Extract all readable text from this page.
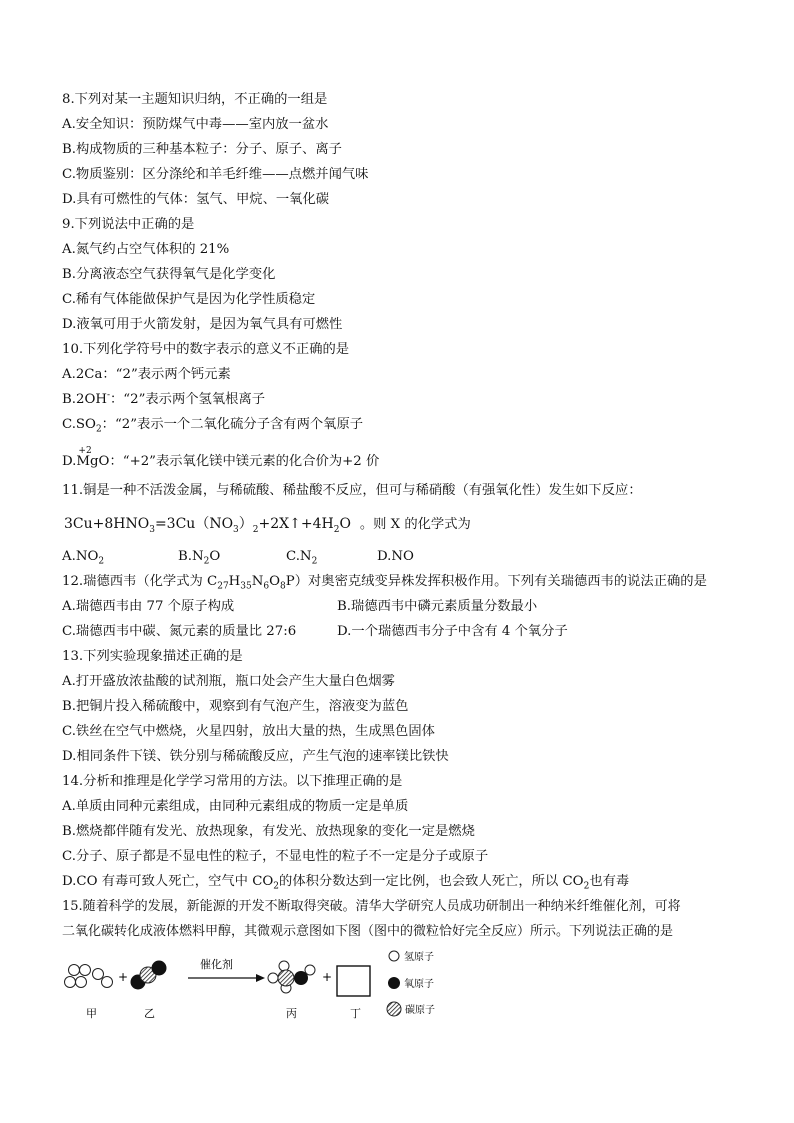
8.下列对某一主题知识归纳，不正确的一组是
A.安全知识：预防煤气中毒——室内放一盆水
B.构成物质的三种基本粒子：分子、原子、离子
C.物质鉴别：区分涤纶和羊毛纤维——点燃并闻气味
D.具有可燃性的气体：氢气、甲烷、一氧化碳
9.下列说法中正确的是
A.氮气约占空气体积的 21%
B.分离液态空气获得氧气是化学变化
C.稀有气体能做保护气是因为化学性质稳定
D.液氧可用于火箭发射，是因为氧气具有可燃性
10.下列化学符号中的数字表示的意义不正确的是
A.2Ca：“2”表示两个钙元素
B.2OH-：“2”表示两个氢氧根离子
$C.SO_2$：“2”表示一个二氧化硫分子含有两个氧原子
D.
+2
MgO：“+2”表示氧化镁中镁元素的化合价为+2 价
11.铜是一种不活泼金属，与稀硫酸、稀盐酸不反应，但可与稀硝酸（有强氧化性）发生如下反应：
$3Cu+8HNO_3=3Cu(NO_3)_2+2X↑+4H_2O$ 。则 X 的化学式为
$A.NO_2$	$B.N_2O$	$C.N_2$	D.NO
12.瑞德西韦（化学式为 $C_{27}H_{35}N_6O_8P$）对奥密克绒变异株发挥积极作用。下列有关瑞德西韦的说法正确的是
A.瑞德西韦由 77 个原子构成	B.瑞德西韦中磷元素质量分数最小
C.瑞德西韦中碳、氮元素的质量比 27:6	D.一个瑞德西韦分子中含有 4 个氧分子
13.下列实验现象描述正确的是
A.打开盛放浓盐酸的试剂瓶，瓶口处会产生大量白色烟雾
B.把铜片投入稀硫酸中，观察到有气泡产生，溶液变为蓝色
C.铁丝在空气中燃烧，火星四射，放出大量的热，生成黑色固体
D.相同条件下镁、铁分别与稀硫酸反应，产生气泡的速率镁比铁快
14.分析和推理是化学学习常用的方法。以下推理正确的是
A.单质由同种元素组成，由同种元素组成的物质一定是单质
B.燃烧都伴随有发光、放热现象，有发光、放热现象的变化一定是燃烧
C.分子、原子都是不显电性的粒子，不显电性的粒子不一定是分子或原子
D.CO 有毒可致人死亡，空气中 $CO_2$的体积分数达到一定比例，也会致人死亡，所以 $CO_2$也有毒
15.随着科学的发展，新能源的开发不断取得突破。清华大学研究人员成功研制出一种纳米纤维催化剂，可将
二氧化碳转化成液体燃料甲醇，其微观示意图如下图（图中的微粒恰好完全反应）所示。下列说法正确的是
+
催化剂
+
甲	乙	丙	丁
氢原子
氧原子
碳原子
